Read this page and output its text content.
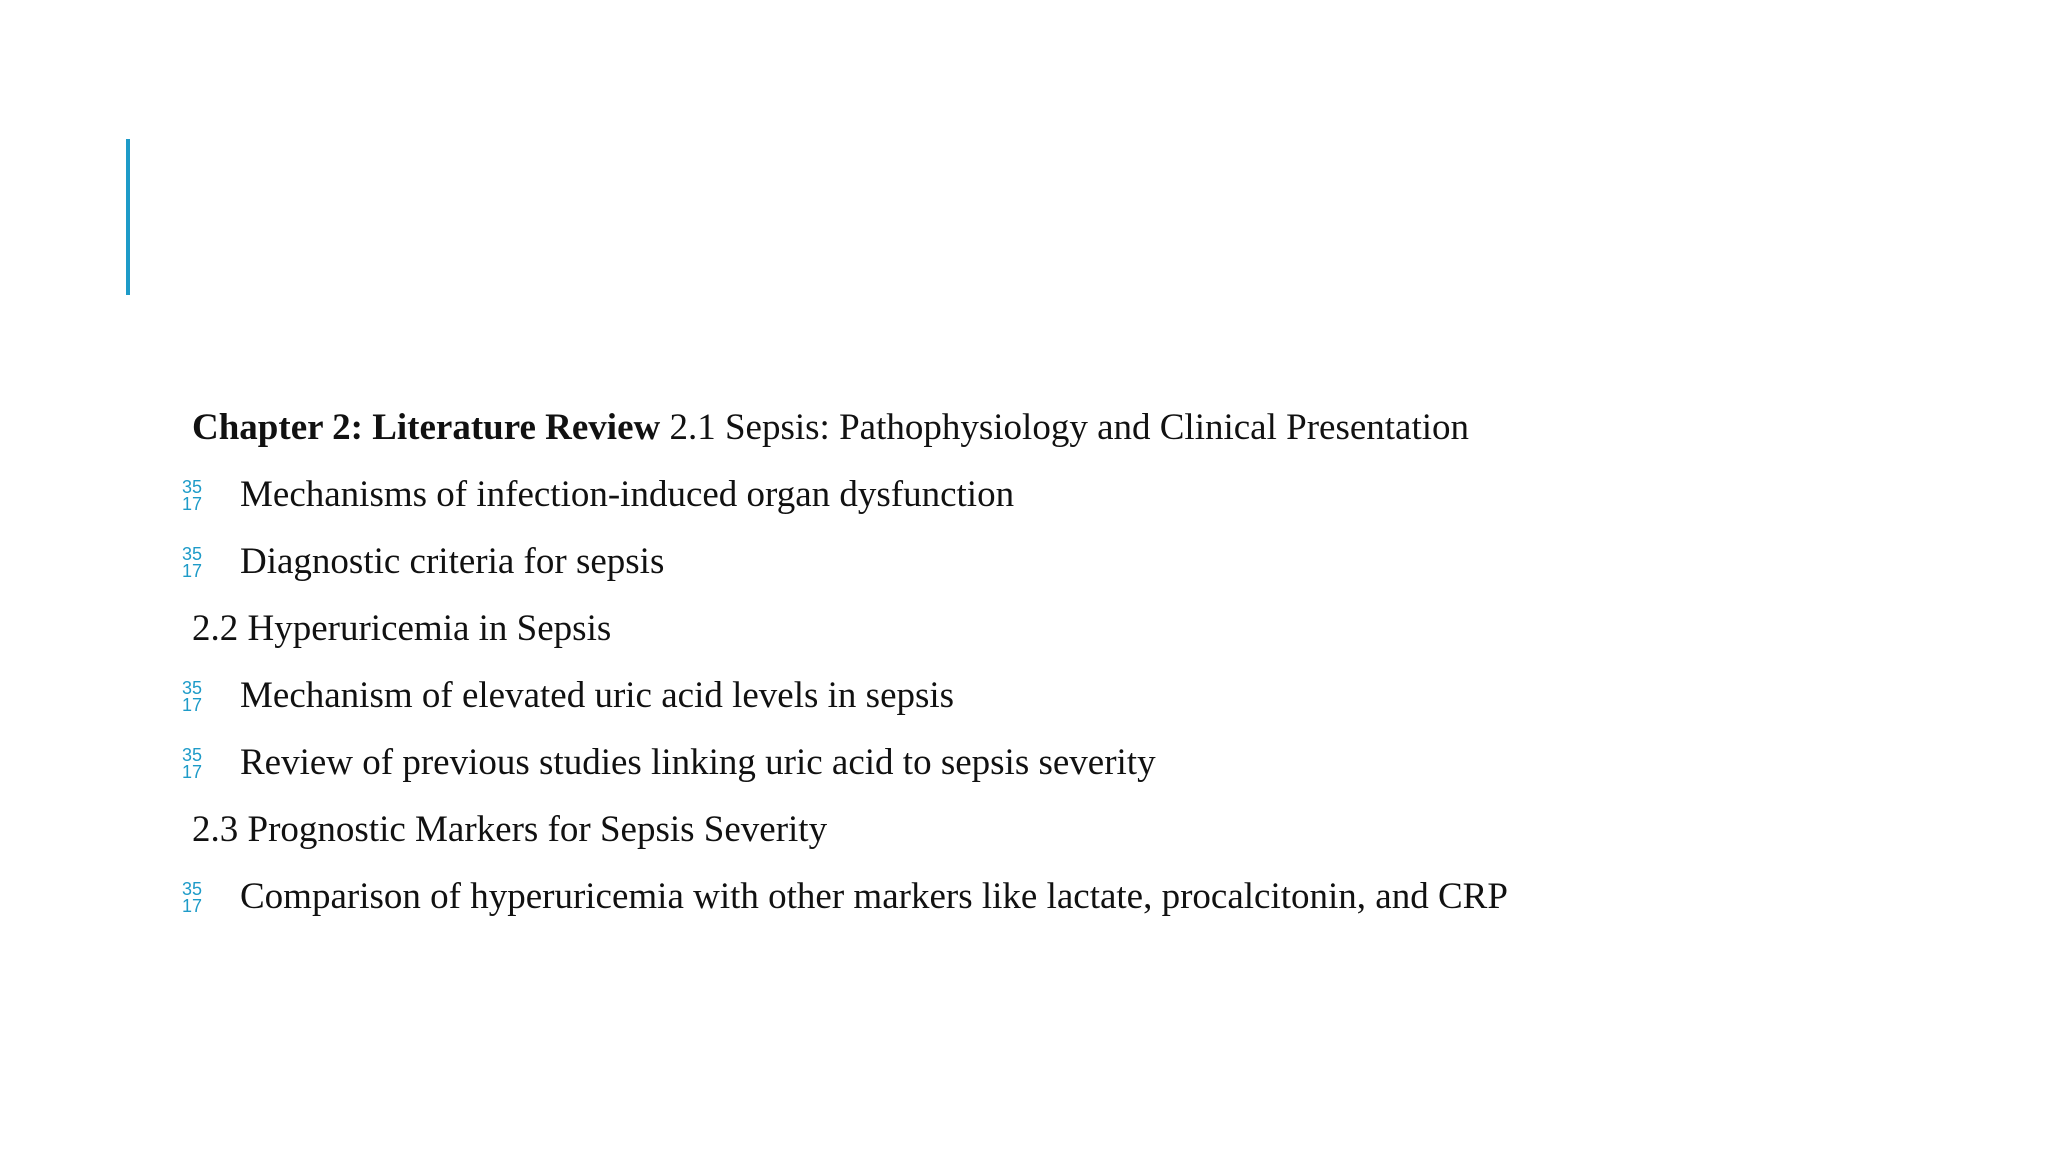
Chapter 2: Literature Review 2.1 Sepsis: Pathophysiology and Clinical Presentation
35
17 Mechanisms of infection-induced organ dysfunction
35
17 Diagnostic criteria for sepsis
2.2 Hyperuricemia in Sepsis
35
17 Mechanism of elevated uric acid levels in sepsis
35
17 Review of previous studies linking uric acid to sepsis severity
2.3 Prognostic Markers for Sepsis Severity
35
17 Comparison of hyperuricemia with other markers like lactate, procalcitonin, and CRP
